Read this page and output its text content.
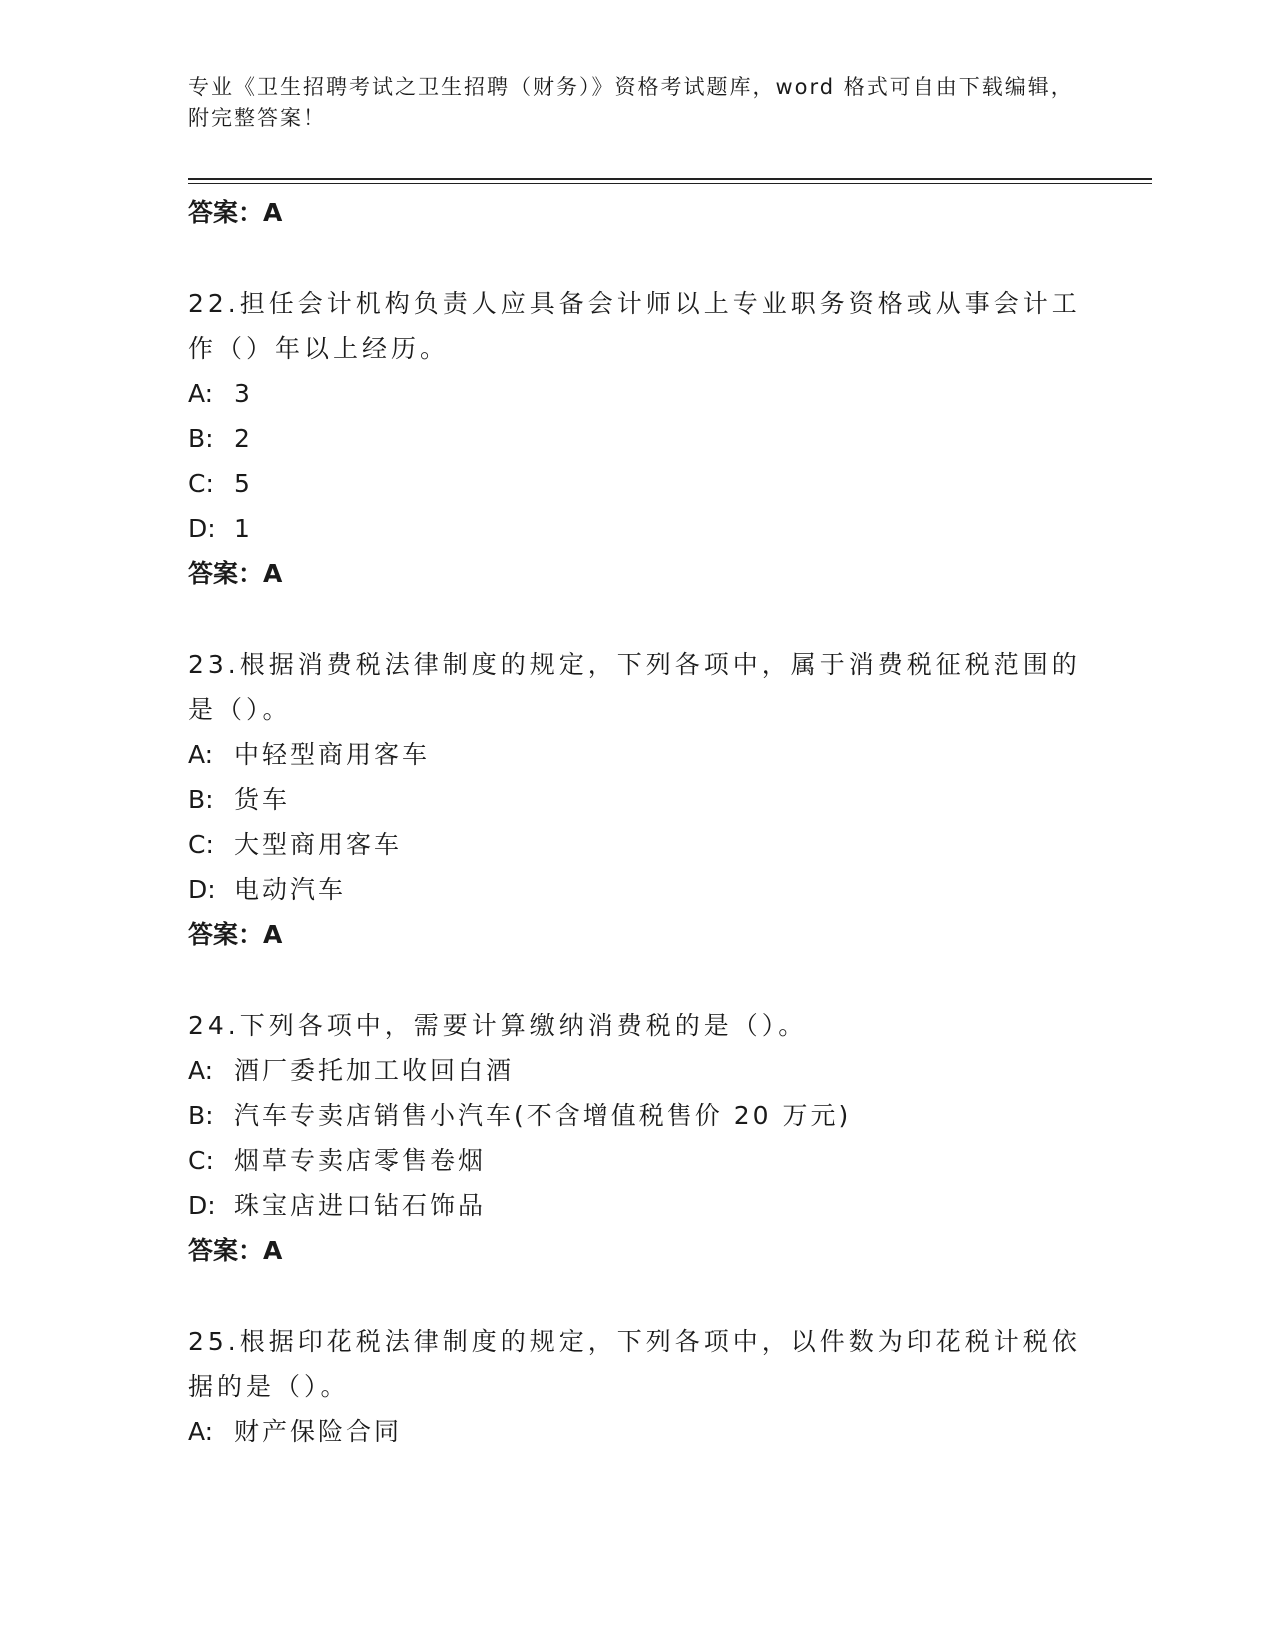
专业《卫生招聘考试之卫生招聘（财务）》资格考试题库，word 格式可自由下载编辑，附完整答案！
答案：A
22.担任会计机构负责人应具备会计师以上专业职务资格或从事会计工作（）年以上经历。
A: 3
B: 2
C: 5
D: 1
答案：A
23.根据消费税法律制度的规定，下列各项中，属于消费税征税范围的是（）。
A: 中轻型商用客车
B: 货车
C: 大型商用客车
D: 电动汽车
答案：A
24.下列各项中，需要计算缴纳消费税的是（）。
A: 酒厂委托加工收回白酒
B: 汽车专卖店销售小汽车(不含增值税售价 20 万元)
C: 烟草专卖店零售卷烟
D: 珠宝店进口钻石饰品
答案：A
25.根据印花税法律制度的规定，下列各项中，以件数为印花税计税依据的是（）。
A: 财产保险合同
